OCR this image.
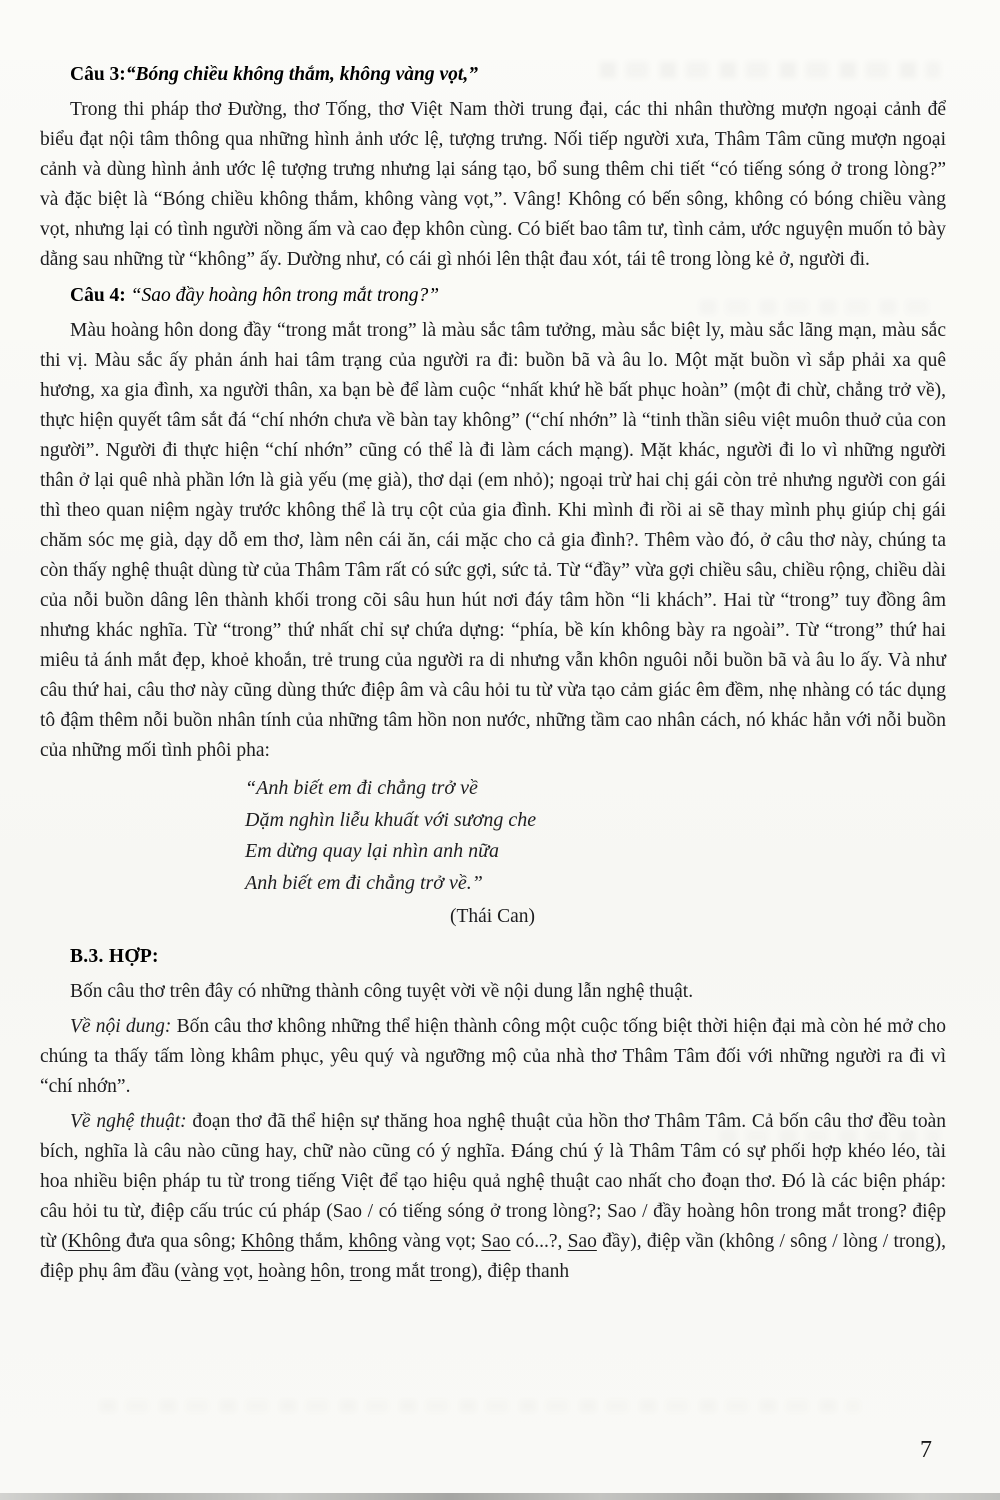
Câu 3:“Bóng chiều không thắm, không vàng vọt,”

Trong thi pháp thơ Đường, thơ Tống, thơ Việt Nam thời trung đại, các thi nhân thường mượn ngoại cảnh để biểu đạt nội tâm thông qua những hình ảnh ước lệ, tượng trưng. Nối tiếp người xưa, Thâm Tâm cũng mượn ngoại cảnh và dùng hình ảnh ước lệ tượng trưng nhưng lại sáng tạo, bổ sung thêm chi tiết “có tiếng sóng ở trong lòng?” và đặc biệt là “Bóng chiều không thắm, không vàng vọt,”. Vâng! Không có bến sông, không có bóng chiều vàng vọt, nhưng lại có tình người nồng ấm và cao đẹp khôn cùng. Có biết bao tâm tư, tình cảm, ước nguyện muốn tỏ bày dằng sau những từ “không” ấy. Dường như, có cái gì nhói lên thật đau xót, tái tê trong lòng kẻ ở, người đi.

Câu 4: “Sao đầy hoàng hôn trong mắt trong?”

Màu hoàng hôn dong đầy “trong mắt trong” là màu sắc tâm tưởng, màu sắc biệt ly, màu sắc lãng mạn, màu sắc thi vị. Màu sắc ấy phản ánh hai tâm trạng của người ra đi: buồn bã và âu lo. Một mặt buồn vì sắp phải xa quê hương, xa gia đình, xa người thân, xa bạn bè để làm cuộc “nhất khứ hề bất phục hoàn” (một đi chừ, chẳng trở về), thực hiện quyết tâm sắt đá “chí nhớn chưa về bàn tay không” (“chí nhớn” là “tinh thần siêu việt muôn thuở của con người”. Người đi thực hiện “chí nhớn” cũng có thể là đi làm cách mạng). Mặt khác, người đi lo vì những người thân ở lại quê nhà phần lớn là già yếu (mẹ già), thơ dại (em nhỏ); ngoại trừ hai chị gái còn trẻ nhưng người con gái thì theo quan niệm ngày trước không thể là trụ cột của gia đình. Khi mình đi rồi ai sẽ thay mình phụ giúp chị gái chăm sóc mẹ già, dạy dỗ em thơ, làm nên cái ăn, cái mặc cho cả gia đình?. Thêm vào đó, ở câu thơ này, chúng ta còn thấy nghệ thuật dùng từ của Thâm Tâm rất có sức gợi, sức tả. Từ “đầy” vừa gợi chiều sâu, chiều rộng, chiều dài của nỗi buồn dâng lên thành khối trong cõi sâu hun hút nơi đáy tâm hồn “li khách”. Hai từ “trong” tuy đồng âm nhưng khác nghĩa. Từ “trong” thứ nhất chỉ sự chứa dựng: “phía, bề kín không bày ra ngoài”. Từ “trong” thứ hai miêu tả ánh mắt đẹp, khoẻ khoắn, trẻ trung của người ra di nhưng vẫn khôn nguôi nỗi buồn bã và âu lo ấy. Và như câu thứ hai, câu thơ này cũng dùng thức điệp âm và câu hỏi tu từ vừa tạo cảm giác êm đềm, nhẹ nhàng có tác dụng tô đậm thêm nỗi buồn nhân tính của những tâm hồn non nước, những tầm cao nhân cách, nó khác hẳn với nỗi buồn của những mối tình phôi pha:

“Anh biết em đi chẳng trở về
Dặm nghìn liễu khuất với sương che
Em dừng quay lại nhìn anh nữa
Anh biết em đi chẳng trở về.”
(Thái Can)

B.3. HỢP:

Bốn câu thơ trên đây có những thành công tuyệt vời về nội dung lẫn nghệ thuật.

Về nội dung: Bốn câu thơ không những thể hiện thành công một cuộc tống biệt thời hiện đại mà còn hé mở cho chúng ta thấy tấm lòng khâm phục, yêu quý và ngưỡng mộ của nhà thơ Thâm Tâm đối với những người ra đi vì “chí nhớn”.

Về nghệ thuật: đoạn thơ đã thể hiện sự thăng hoa nghệ thuật của hồn thơ Thâm Tâm. Cả bốn câu thơ đều toàn bích, nghĩa là câu nào cũng hay, chữ nào cũng có ý nghĩa. Đáng chú ý là Thâm Tâm có sự phối hợp khéo léo, tài hoa nhiều biện pháp tu từ trong tiếng Việt để tạo hiệu quả nghệ thuật cao nhất cho đoạn thơ. Đó là các biện pháp: câu hỏi tu từ, điệp cấu trúc cú pháp (Sao / có tiếng sóng ở trong lòng?; Sao / đầy hoàng hôn trong mắt trong? điệp từ (Không đưa qua sông; Không thắm, không vàng vọt; Sao có...?, Sao đầy), điệp vần (không / sông / lòng / trong), điệp phụ âm đầu (vàng vọt, hoàng hôn, trong mắt trong), điệp thanh

7
